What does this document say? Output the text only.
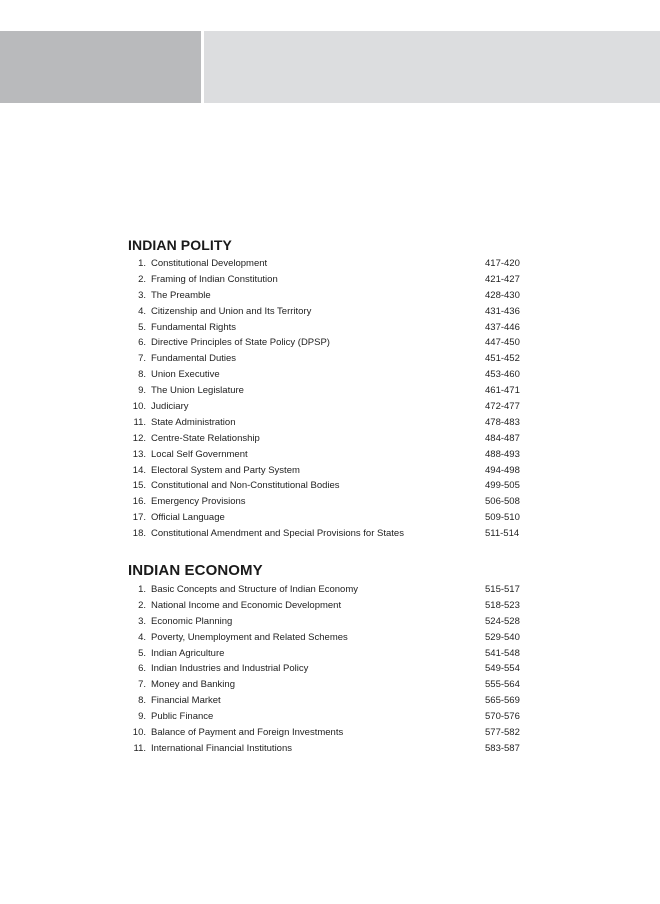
INDIAN POLITY
1. Constitutional Development	417-420
2. Framing of Indian Constitution	421-427
3. The Preamble	428-430
4. Citizenship and Union and Its Territory	431-436
5. Fundamental Rights	437-446
6. Directive Principles of State Policy (DPSP)	447-450
7. Fundamental Duties	451-452
8. Union Executive	453-460
9. The Union Legislature	461-471
10. Judiciary	472-477
11. State Administration	478-483
12. Centre-State Relationship	484-487
13. Local Self Government	488-493
14. Electoral System and Party System	494-498
15. Constitutional and Non-Constitutional Bodies	499-505
16. Emergency Provisions	506-508
17. Official Language	509-510
18. Constitutional Amendment and Special Provisions for States	511-514
INDIAN ECONOMY
1. Basic Concepts and Structure of Indian Economy	515-517
2. National Income and Economic Development	518-523
3. Economic Planning	524-528
4. Poverty, Unemployment and Related Schemes	529-540
5. Indian Agriculture	541-548
6. Indian Industries and Industrial Policy	549-554
7. Money and Banking	555-564
8. Financial Market	565-569
9. Public Finance	570-576
10. Balance of Payment and Foreign Investments	577-582
11. International Financial Institutions	583-587
